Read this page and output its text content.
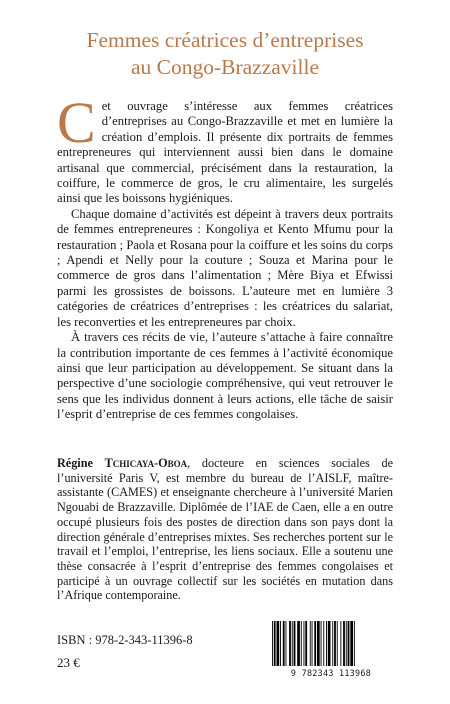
Femmes créatrices d’entreprises
au Congo-Brazzaville

Cet ouvrage s’intéresse aux femmes créatrices d’entreprises au Congo-Brazzaville et met en lumière la création d’emplois. Il présente dix portraits de femmes entrepreneures qui interviennent aussi bien dans le domaine artisanal que commercial, précisément dans la restauration, la coiffure, le commerce de gros, le cru alimentaire, les surgelés ainsi que les boissons hygiéniques.

Chaque domaine d’activités est dépeint à travers deux portraits de femmes entrepreneures : Kongoliya et Kento Mfumu pour la restauration ; Paola et Rosana pour la coiffure et les soins du corps ; Apendi et Nelly pour la couture ; Souza et Marina pour le commerce de gros dans l’alimentation ; Mère Biya et Efwissi parmi les grossistes de boissons. L’auteure met en lumière 3 catégories de créatrices d’entreprises : les créatrices du salariat, les reconverties et les entrepreneures par choix.

À travers ces récits de vie, l’auteure s’attache à faire connaître la contribution importante de ces femmes à l’activité économique ainsi que leur participation au développement. Se situant dans la perspective d’une sociologie compréhensive, qui veut retrouver le sens que les individus donnent à leurs actions, elle tâche de saisir l’esprit d’entreprise de ces femmes congolaises.

Régine Tchicaya-Oboa, docteure en sciences sociales de l’université Paris V, est membre du bureau de l’AISLF, maître-assistante (CAMES) et enseignante chercheure à l’université Marien Ngouabi de Brazzaville. Diplômée de l’IAE de Caen, elle a en outre occupé plusieurs fois des postes de direction dans son pays dont la direction générale d’entreprises mixtes. Ses recherches portent sur le travail et l’emploi, l’entreprise, les liens sociaux. Elle a soutenu une thèse consacrée à l’esprit d’entreprise des femmes congolaises et participé à un ouvrage collectif sur les sociétés en mutation dans l’Afrique contemporaine.

ISBN : 978-2-343-11396-8
23 €
9 782343 113968
